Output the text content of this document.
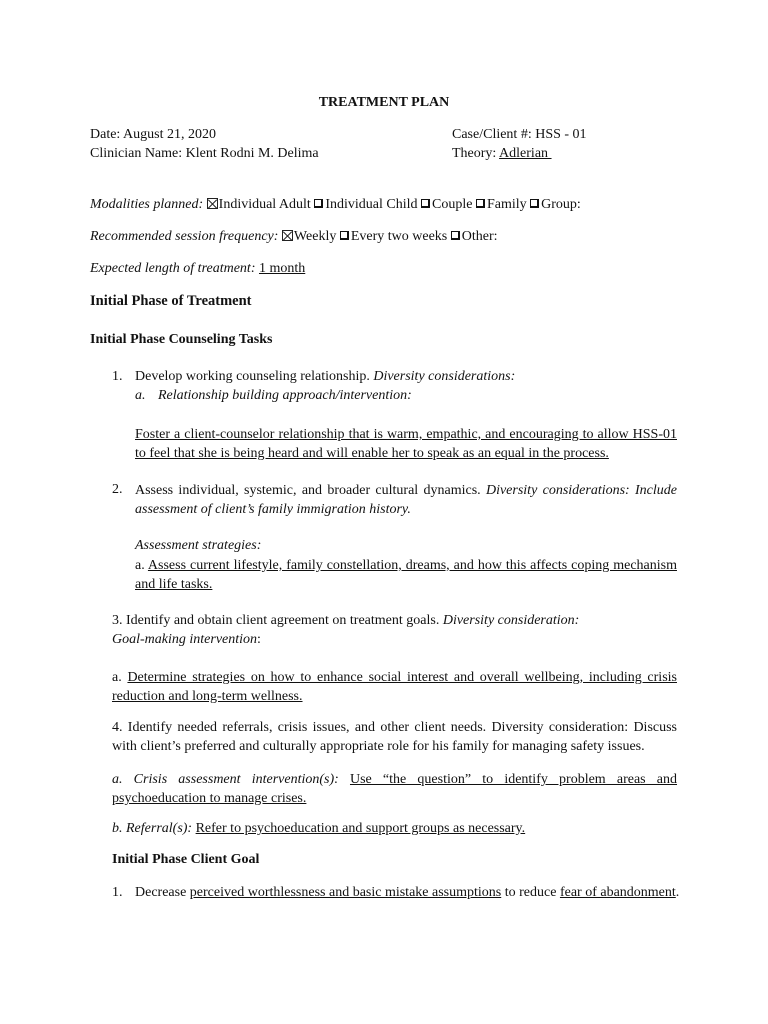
TREATMENT PLAN
Date: August 21, 2020
Clinician Name: Klent Rodni M. Delima
Case/Client #: HSS - 01
Theory: Adlerian
Modalities planned: Individual Adult Individual Child Couple Family Group:
Recommended session frequency: Weekly Every two weeks Other:
Expected length of treatment: 1 month
Initial Phase of Treatment
Initial Phase Counseling Tasks
1. Develop working counseling relationship. Diversity considerations:
a. Relationship building approach/intervention:
Foster a client-counselor relationship that is warm, empathic, and encouraging to allow HSS-01 to feel that she is being heard and will enable her to speak as an equal in the process.
2. Assess individual, systemic, and broader cultural dynamics. Diversity considerations: Include assessment of client’s family immigration history.
Assessment strategies:
a. Assess current lifestyle, family constellation, dreams, and how this affects coping mechanism and life tasks.
3. Identify and obtain client agreement on treatment goals. Diversity consideration:
Goal-making intervention:
a. Determine strategies on how to enhance social interest and overall wellbeing, including crisis reduction and long-term wellness.
4. Identify needed referrals, crisis issues, and other client needs. Diversity consideration: Discuss with client’s preferred and culturally appropriate role for his family for managing safety issues.
a. Crisis assessment intervention(s): Use “the question” to identify problem areas and psychoeducation to manage crises.
b. Referral(s): Refer to psychoeducation and support groups as necessary.
Initial Phase Client Goal
1. Decrease perceived worthlessness and basic mistake assumptions to reduce fear of abandonment.
